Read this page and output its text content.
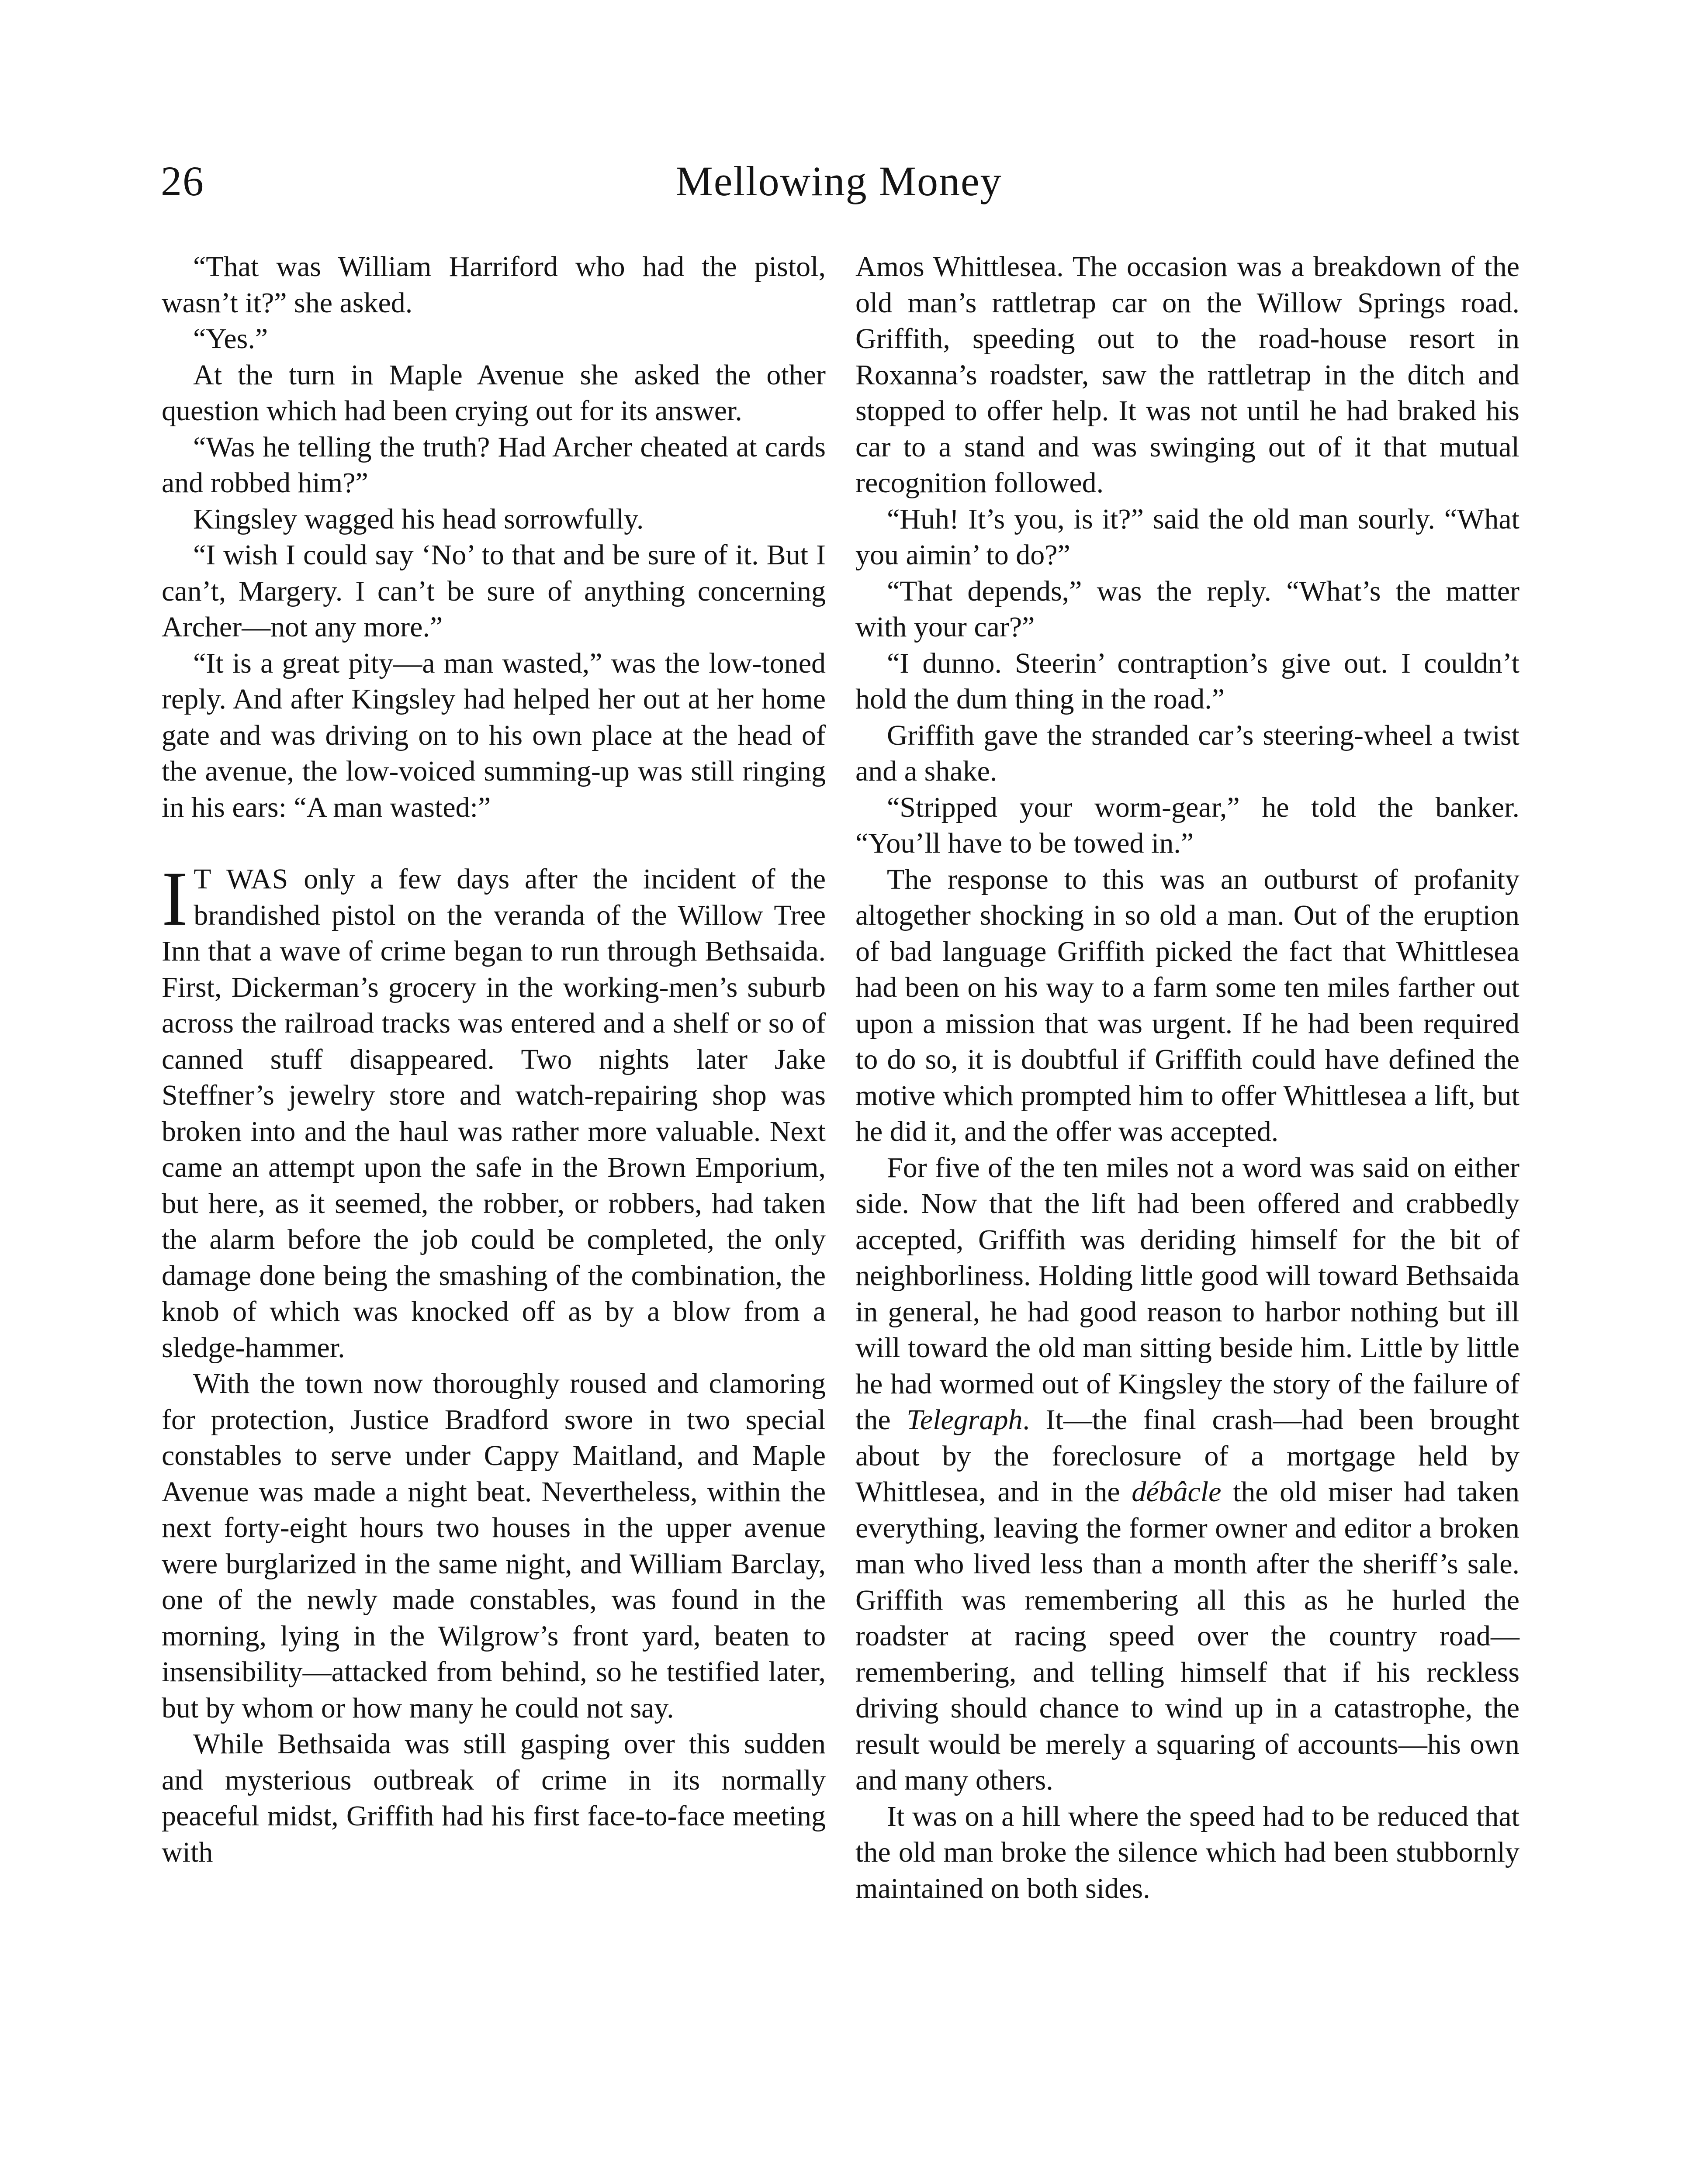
26	Mellowing Money

“That was William Harriford who had the pistol, wasn’t it?” she asked.

“Yes.”

At the turn in Maple Avenue she asked the other question which had been crying out for its answer.

“Was he telling the truth? Had Archer cheated at cards and robbed him?”

Kingsley wagged his head sorrowfully.

“I wish I could say ‘No’ to that and be sure of it. But I can’t, Margery. I can’t be sure of anything concerning Archer—not any more.”

“It is a great pity—a man wasted,” was the low-toned reply. And after Kingsley had helped her out at her home gate and was driving on to his own place at the head of the avenue, the low-voiced summing-up was still ringing in his ears: “A man wasted:”

I T WAS only a few days after the incident of the brandished pistol on the veranda of the Willow Tree Inn that a wave of crime began to run through Bethsaida. First, Dickerman’s grocery in the working-men’s suburb across the railroad tracks was entered and a shelf or so of canned stuff disappeared. Two nights later Jake Steffner’s jewelry store and watch-repairing shop was broken into and the haul was rather more valuable. Next came an attempt upon the safe in the Brown Emporium, but here, as it seemed, the robber, or robbers, had taken the alarm before the job could be completed, the only damage done being the smashing of the combination, the knob of which was knocked off as by a blow from a sledge-hammer.

With the town now thoroughly roused and clamoring for protection, Justice Bradford swore in two special constables to serve under Cappy Maitland, and Maple Avenue was made a night beat. Nevertheless, within the next forty-eight hours two houses in the upper avenue were burglarized in the same night, and William Barclay, one of the newly made constables, was found in the morning, lying in the Wilgrow’s front yard, beaten to insensibility—attacked from behind, so he testified later, but by whom or how many he could not say.

While Bethsaida was still gasping over this sudden and mysterious outbreak of crime in its normally peaceful midst, Griffith had his first face-to-face meeting with

Amos Whittlesea. The occasion was a breakdown of the old man’s rattletrap car on the Willow Springs road. Griffith, speeding out to the road-house resort in Roxanna’s roadster, saw the rattletrap in the ditch and stopped to offer help. It was not until he had braked his car to a stand and was swinging out of it that mutual recognition followed.

“Huh! It’s you, is it?” said the old man sourly. “What you aimin’ to do?”

“That depends,” was the reply. “What’s the matter with your car?”

“I dunno. Steerin’ contraption’s give out. I couldn’t hold the dum thing in the road.”

Griffith gave the stranded car’s steering-wheel a twist and a shake.

“Stripped your worm-gear,” he told the banker. “You’ll have to be towed in.”

The response to this was an outburst of profanity altogether shocking in so old a man. Out of the eruption of bad language Griffith picked the fact that Whittlesea had been on his way to a farm some ten miles farther out upon a mission that was urgent. If he had been required to do so, it is doubtful if Griffith could have defined the motive which prompted him to offer Whittlesea a lift, but he did it, and the offer was accepted.

For five of the ten miles not a word was said on either side. Now that the lift had been offered and crabbedly accepted, Griffith was deriding himself for the bit of neighborliness. Holding little good will toward Bethsaida in general, he had good reason to harbor nothing but ill will toward the old man sitting beside him. Little by little he had wormed out of Kingsley the story of the failure of the Telegraph. It—the final crash—had been brought about by the foreclosure of a mortgage held by Whittlesea, and in the débâcle the old miser had taken everything, leaving the former owner and editor a broken man who lived less than a month after the sheriff’s sale. Griffith was remembering all this as he hurled the roadster at racing speed over the country road—remembering, and telling himself that if his reckless driving should chance to wind up in a catastrophe, the result would be merely a squaring of accounts—his own and many others.

It was on a hill where the speed had to be reduced that the old man broke the silence which had been stubbornly maintained on both sides.
